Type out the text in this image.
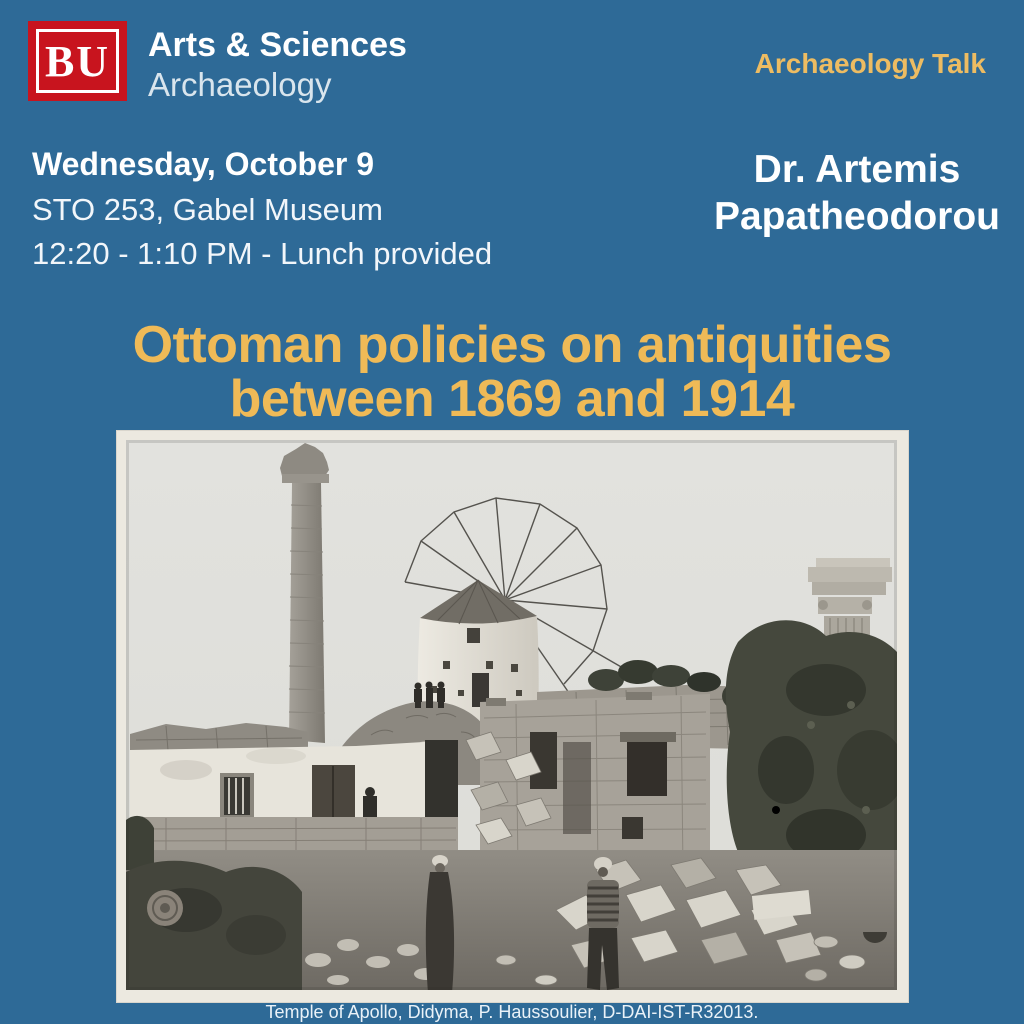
BU Arts & Sciences
Archaeology
Archaeology Talk
Wednesday, October 9
STO 253, Gabel Museum
12:20 - 1:10 PM - Lunch provided
Dr. Artemis
Papatheodorou
Ottoman policies on antiquities
between 1869 and 1914
Temple of Apollo, Didyma, P. Haussoulier, D-DAI-IST-R32013.
